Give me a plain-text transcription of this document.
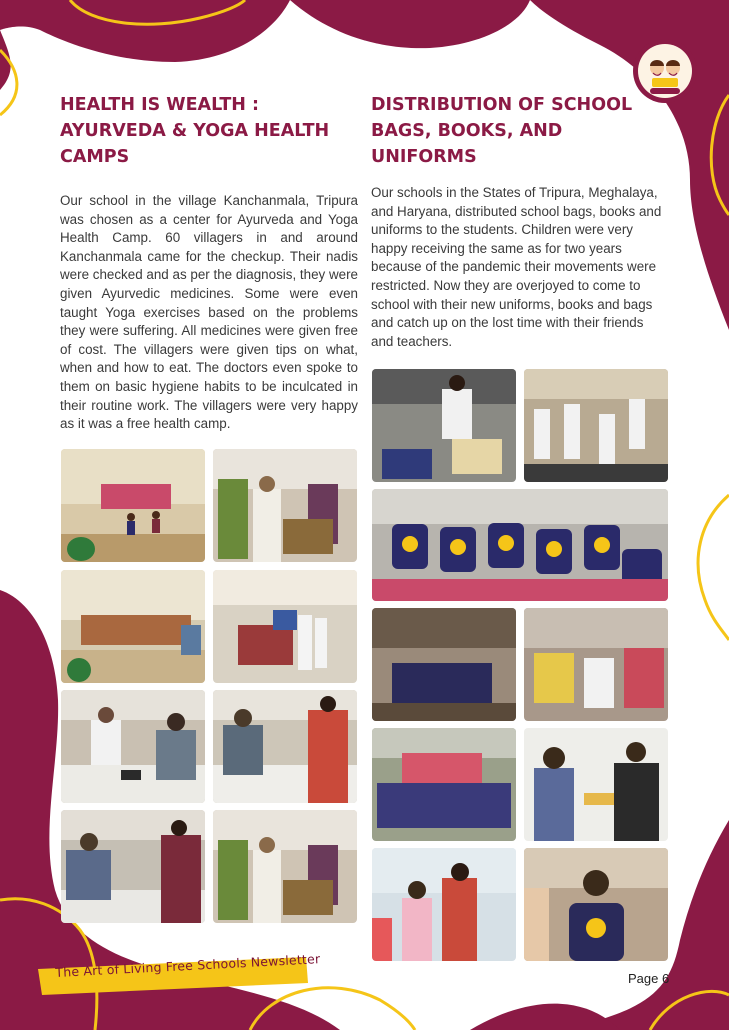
HEALTH IS WEALTH :

AYURVEDA & YOGA HEALTH

CAMPS

Our school in the village Kanchanmala, Tripura was chosen as a center for Ayurveda and Yoga Health Camp. 60 villagers in and around Kanchanmala came for the checkup. Their nadis were checked and as per the diagnosis, they were given Ayurvedic medicines. Some were even taught Yoga exercises based on the problems they were suffering. All medicines were given free of cost. The villagers were given tips on what, when and how to eat. The doctors even spoke to them on basic hygiene habits to be inculcated in their routine work. The villagers were very happy as it was a free health camp.

DISTRIBUTION OF SCHOOL

BAGS, BOOKS, AND

UNIFORMS

Our schools in the States of Tripura, Meghalaya, and Haryana, distributed school bags, books and uniforms to the students. Children were very happy receiving the same as for two years because of the pandemic their movements were restricted. Now they are overjoyed to come to school with their new uniforms, books and bags and catch up on the lost time with their friends and teachers.

The Art of Living Free Schools Newsletter	Page 6
